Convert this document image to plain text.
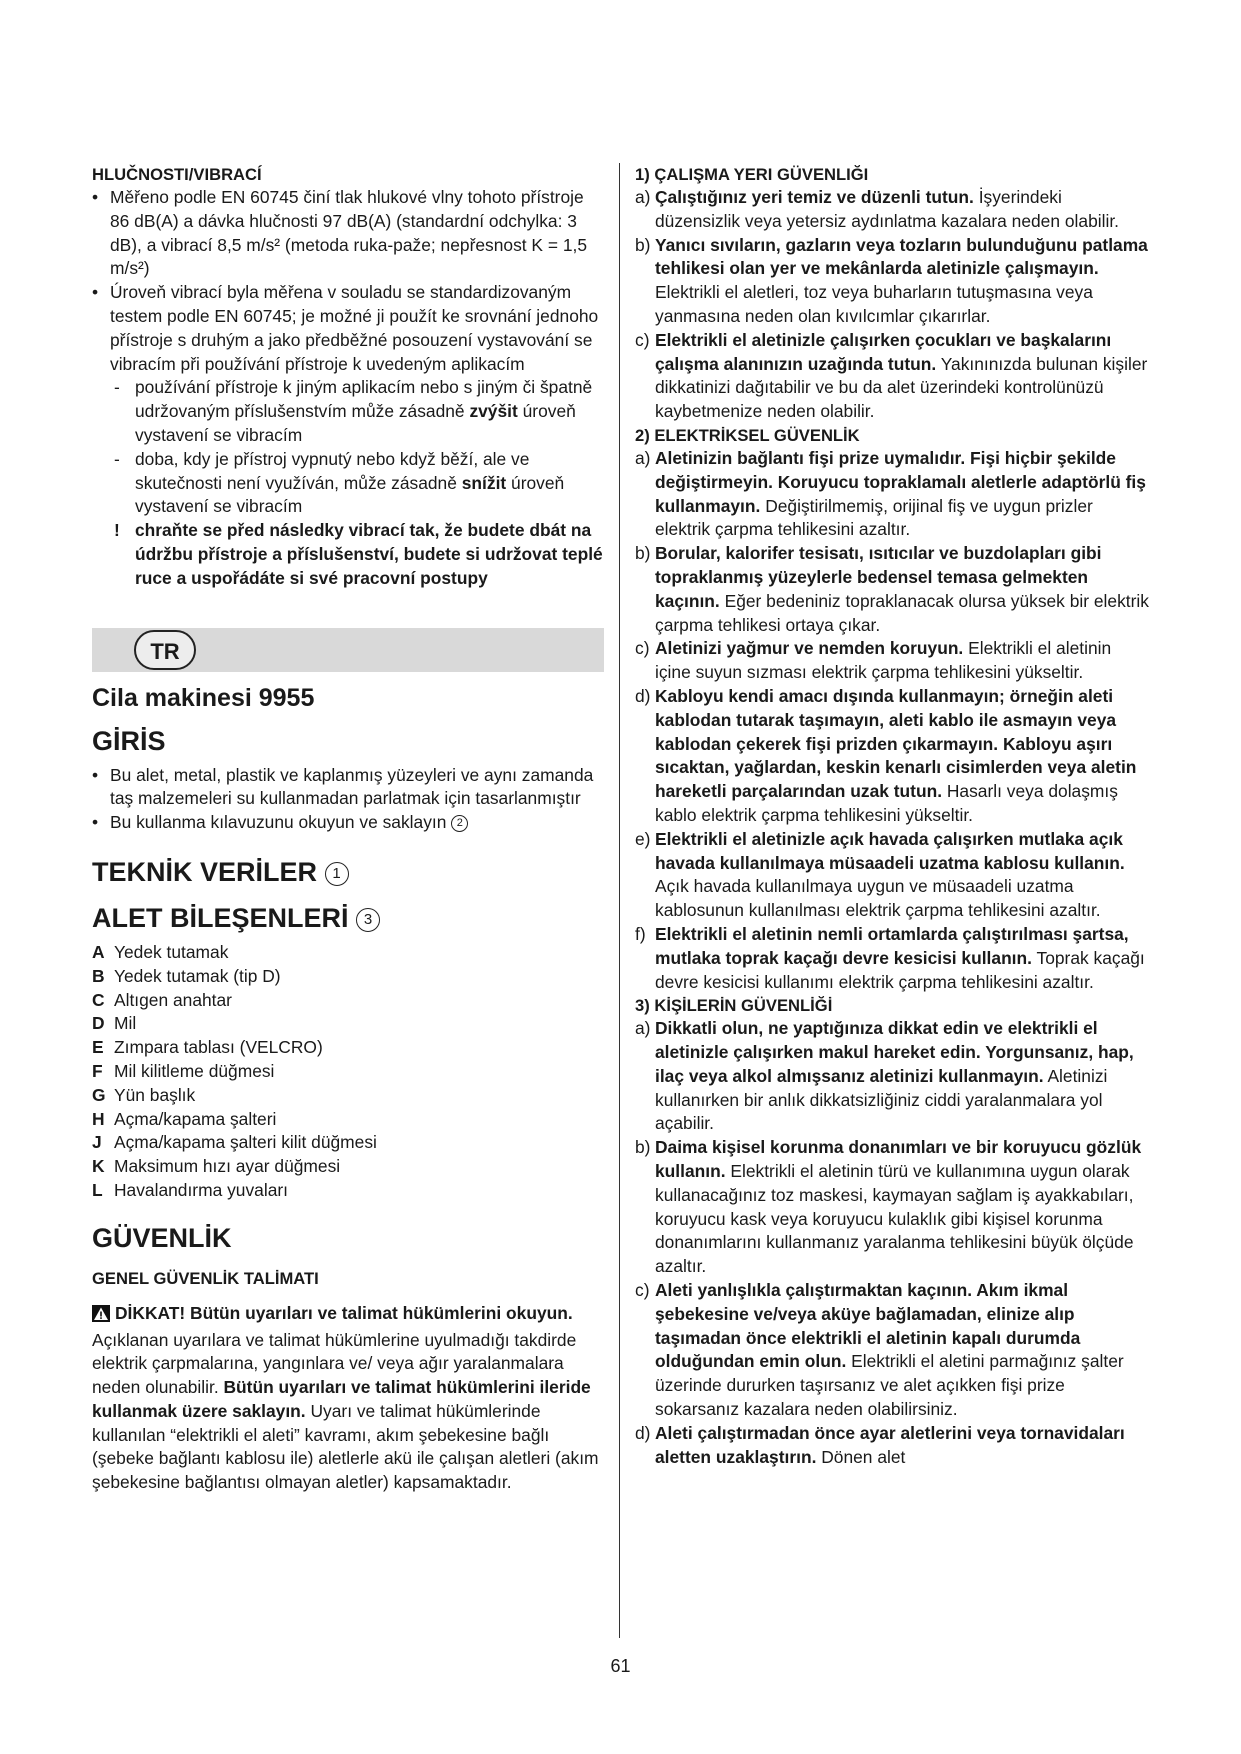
HLUČNOSTI/VIBRACÍ

• Měřeno podle EN 60745 činí tlak hlukové vlny tohoto přístroje 86 dB(A) a dávka hlučnosti 97 dB(A) (standardní odchylka: 3 dB), a vibrací 8,5 m/s² (metoda ruka-paže; nepřesnost K = 1,5 m/s²)

• Úroveň vibrací byla měřena v souladu se standardizovaným testem podle EN 60745; je možné ji použít ke srovnání jednoho přístroje s druhým a jako předběžné posouzení vystavování se vibracím při používání přístroje k uvedeným aplikacím

- používání přístroje k jiným aplikacím nebo s jiným či špatně udržovaným příslušenstvím může zásadně zvýšit úroveň vystavení se vibracím

- doba, kdy je přístroj vypnutý nebo když běží, ale ve skutečnosti není využíván, může zásadně snížit úroveň vystavení se vibracím

! chraňte se před následky vibrací tak, že budete dbát na údržbu přístroje a příslušenství, budete si udržovat teplé ruce a uspořádáte si své pracovní postupy

TR

Cila makinesi 9955

GİRİS

• Bu alet, metal, plastik ve kaplanmış yüzeyleri ve aynı zamanda taş malzemeleri su kullanmadan parlatmak için tasarlanmıştır

• Bu kullanma kılavuzunu okuyun ve saklayın 2

TEKNİK VERİLER 1

ALET BİLEŞENLERİ 3

A Yedek tutamak
B Yedek tutamak (tip D)
C Altıgen anahtar
D Mil
E Zımpara tablası (VELCRO)
F Mil kilitleme düğmesi
G Yün başlık
H Açma/kapama şalteri
J Açma/kapama şalteri kilit düğmesi
K Maksimum hızı ayar düğmesi
L Havalandırma yuvaları

GÜVENLİK

GENEL GÜVENLİK TALİMATI

DİKKAT! Bütün uyarıları ve talimat hükümlerini okuyun. Açıklanan uyarılara ve talimat hükümlerine uyulmadığı takdirde elektrik çarpmalarına, yangınlara ve/ veya ağır yaralanmalara neden olunabilir. Bütün uyarıları ve talimat hükümlerini ileride kullanmak üzere saklayın. Uyarı ve talimat hükümlerinde kullanılan “elektrikli el aleti” kavramı, akım şebekesine bağlı (şebeke bağlantı kablosu ile) aletlerle akü ile çalışan aletleri (akım şebekesine bağlantısı olmayan aletler) kapsamaktadır.

1) ÇALIŞMA YERI GÜVENLIĞI

a) Çalıştığınız yeri temiz ve düzenli tutun. İşyerindeki düzensizlik veya yetersiz aydınlatma kazalara neden olabilir.

b) Yanıcı sıvıların, gazların veya tozların bulunduğunu patlama tehlikesi olan yer ve mekânlarda aletinizle çalışmayın. Elektrikli el aletleri, toz veya buharların tutuşmasına veya yanmasına neden olan kıvılcımlar çıkarırlar.

c) Elektrikli el aletinizle çalışırken çocukları ve başkalarını çalışma alanınızın uzağında tutun. Yakınınızda bulunan kişiler dikkatinizi dağıtabilir ve bu da alet üzerindeki kontrolünüzü kaybetmenize neden olabilir.

2) ELEKTRİKSEL GÜVENLİK

a) Aletinizin bağlantı fişi prize uymalıdır. Fişi hiçbir şekilde değiştirmeyin. Koruyucu topraklamalı aletlerle adaptörlü fiş kullanmayın. Değiştirilmemiş, orijinal fiş ve uygun prizler elektrik çarpma tehlikesini azaltır.

b) Borular, kalorifer tesisatı, ısıtıcılar ve buzdolapları gibi topraklanmış yüzeylerle bedensel temasa gelmekten kaçının. Eğer bedeniniz topraklanacak olursa yüksek bir elektrik çarpma tehlikesi ortaya çıkar.

c) Aletinizi yağmur ve nemden koruyun. Elektrikli el aletinin içine suyun sızması elektrik çarpma tehlikesini yükseltir.

d) Kabloyu kendi amacı dışında kullanmayın; örneğin aleti kablodan tutarak taşımayın, aleti kablo ile asmayın veya kablodan çekerek fişi prizden çıkarmayın. Kabloyu aşırı sıcaktan, yağlardan, keskin kenarlı cisimlerden veya aletin hareketli parçalarından uzak tutun. Hasarlı veya dolaşmış kablo elektrik çarpma tehlikesini yükseltir.

e) Elektrikli el aletinizle açık havada çalışırken mutlaka açık havada kullanılmaya müsaadeli uzatma kablosu kullanın. Açık havada kullanılmaya uygun ve müsaadeli uzatma kablosunun kullanılması elektrik çarpma tehlikesini azaltır.

f) Elektrikli el aletinin nemli ortamlarda çalıştırılması şartsa, mutlaka toprak kaçağı devre kesicisi kullanın. Toprak kaçağı devre kesicisi kullanımı elektrik çarpma tehlikesini azaltır.

3) KİŞİLERİN GÜVENLİĞİ

a) Dikkatli olun, ne yaptığınıza dikkat edin ve elektrikli el aletinizle çalışırken makul hareket edin. Yorgunsanız, hap, ilaç veya alkol almışsanız aletinizi kullanmayın. Aletinizi kullanırken bir anlık dikkatsizliğiniz ciddi yaralanmalara yol açabilir.

b) Daima kişisel korunma donanımları ve bir koruyucu gözlük kullanın. Elektrikli el aletinin türü ve kullanımına uygun olarak kullanacağınız toz maskesi, kaymayan sağlam iş ayakkabıları, koruyucu kask veya koruyucu kulaklık gibi kişisel korunma donanımlarını kullanmanız yaralanma tehlikesini büyük ölçüde azaltır.

c) Aleti yanlışlıkla çalıştırmaktan kaçının. Akım ikmal şebekesine ve/veya aküye bağlamadan, elinize alıp taşımadan önce elektrikli el aletinin kapalı durumda olduğundan emin olun. Elektrikli el aletini parmağınız şalter üzerinde dururken taşırsanız ve alet açıkken fişi prize sokarsanız kazalara neden olabilirsiniz.

d) Aleti çalıştırmadan önce ayar aletlerini veya tornavidaları aletten uzaklaştırın. Dönen alet

61
